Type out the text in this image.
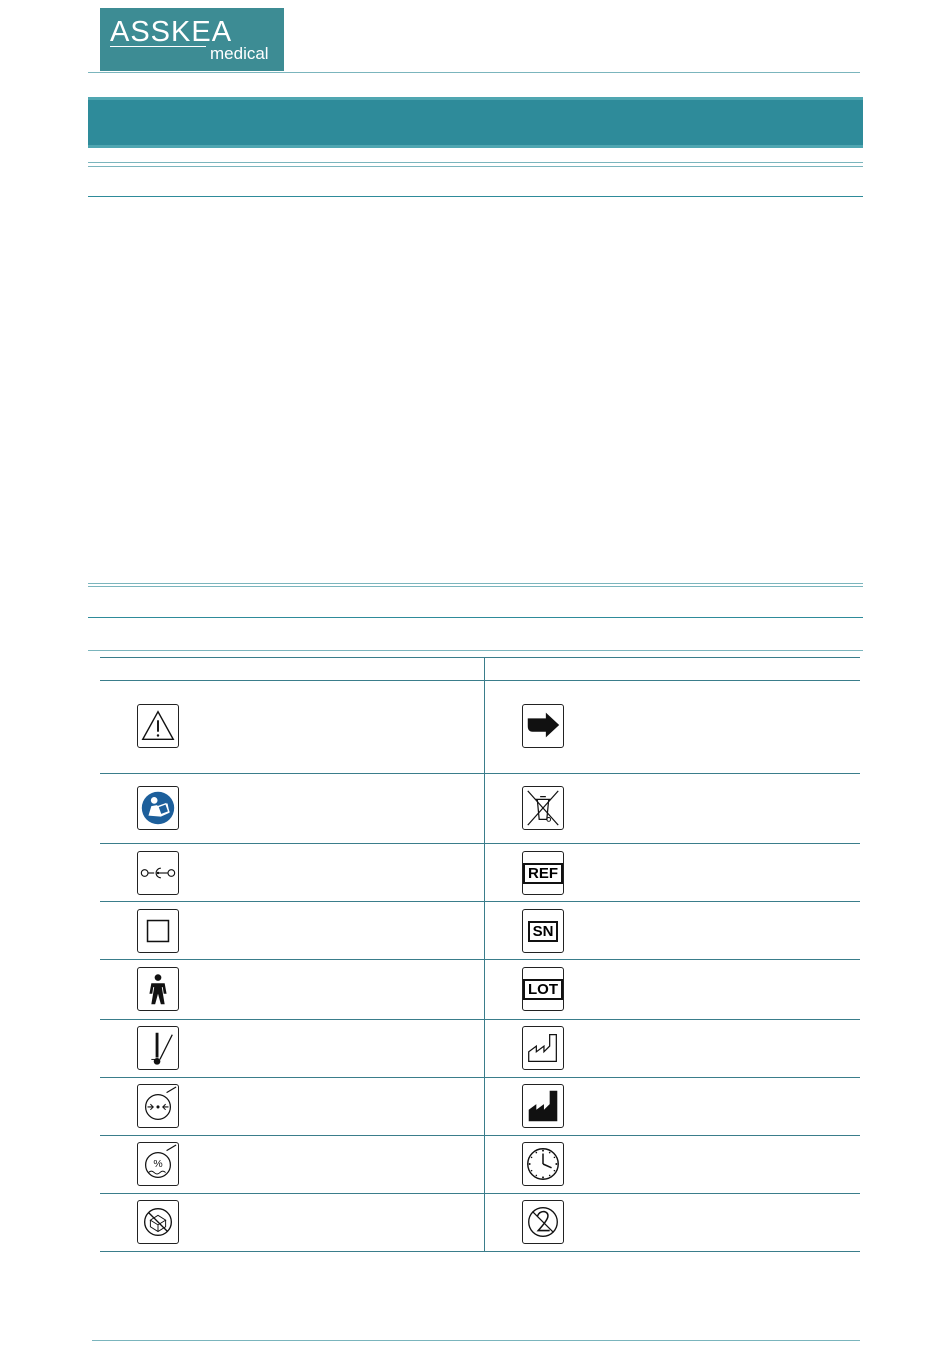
ASSKEA
medical
%
REF
SN
LOT
